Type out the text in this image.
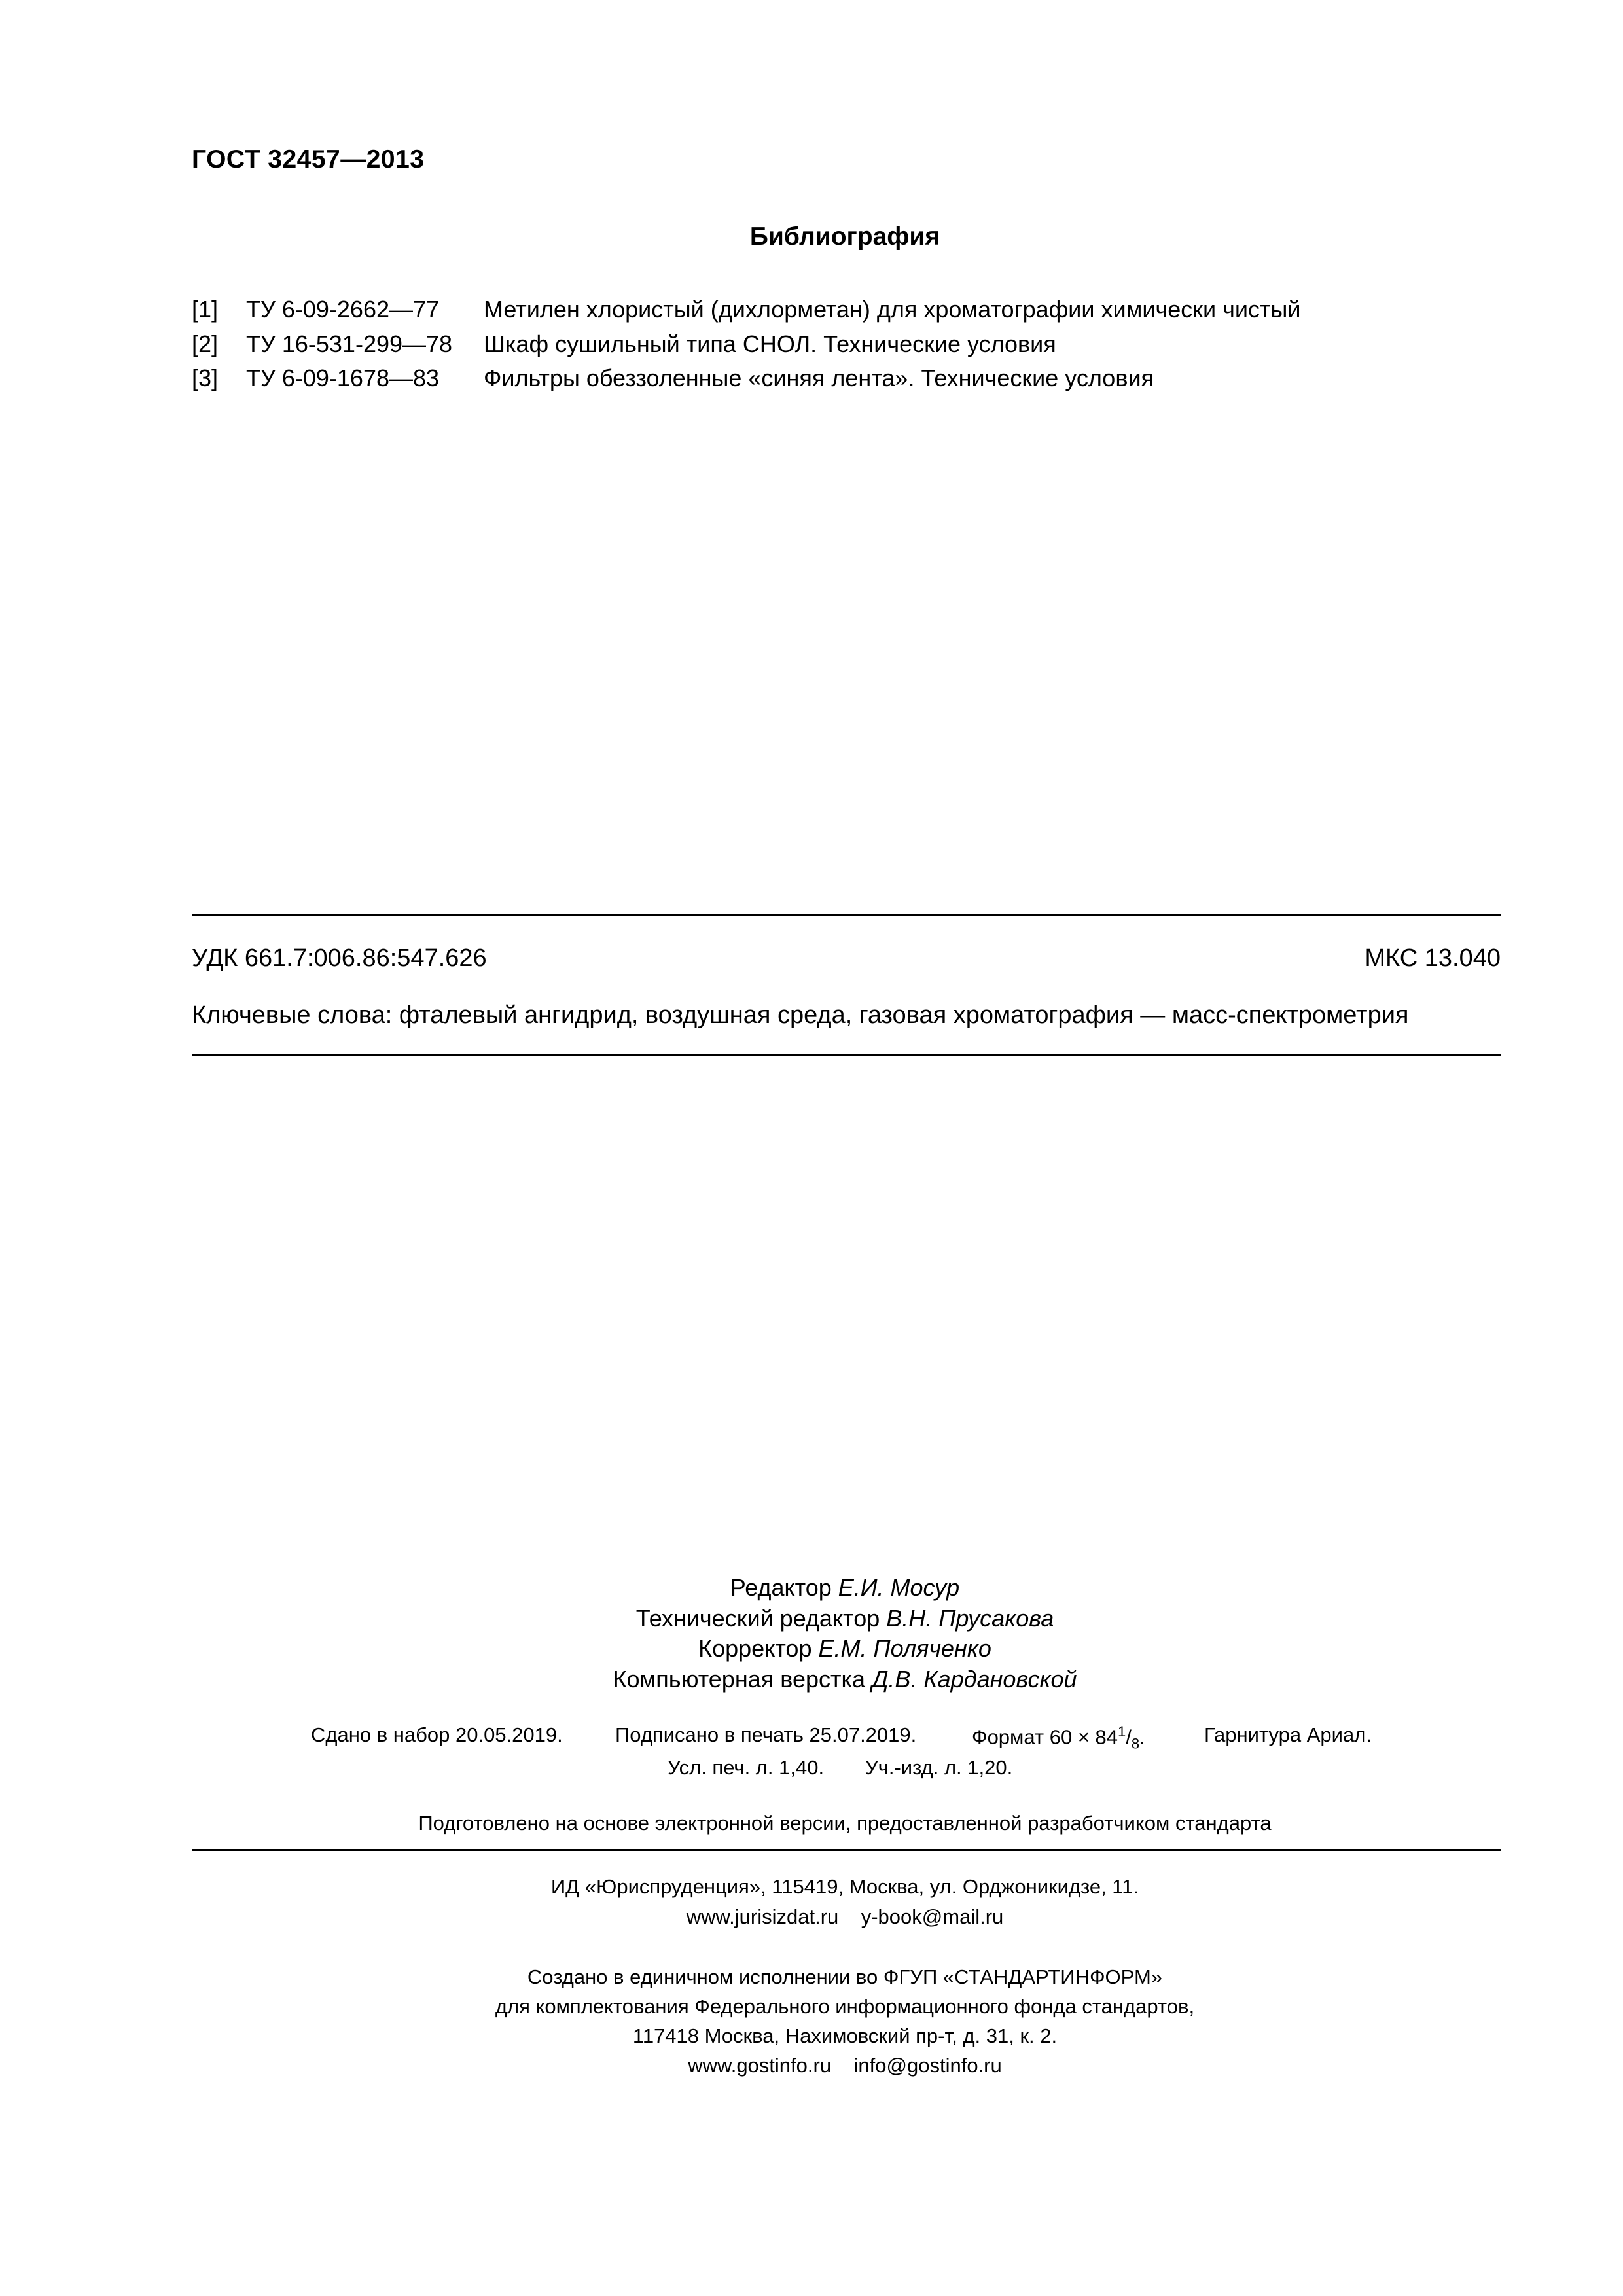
ГОСТ 32457—2013
Библиография
[1] ТУ 6-09-2662—77 Метилен хлористый (дихлорметан) для хроматографии химически чистый
[2] ТУ 16-531-299—78 Шкаф сушильный типа СНОЛ. Технические условия
[3] ТУ 6-09-1678—83 Фильтры обеззоленные «синяя лента». Технические условия
УДК 661.7:006.86:547.626	МКС 13.040
Ключевые слова: фталевый ангидрид, воздушная среда, газовая хроматография — масс-спектрометрия
Редактор Е.И. Мосур
Технический редактор В.Н. Прусакова
Корректор Е.М. Поляченко
Компьютерная верстка Д.В. Кардановской
Сдано в набор 20.05.2019.	Подписано в печать 25.07.2019.	Формат $60 \times 84^1/_8$.	Гарнитура Ариал.
Усл. печ. л. 1,40. Уч.-изд. л. 1,20.
Подготовлено на основе электронной версии, предоставленной разработчиком стандарта
ИД «Юриспруденция», 115419, Москва, ул. Орджоникидзе, 11.
www.jurisizdat.ru y-book@mail.ru
Создано в единичном исполнении во ФГУП «СТАНДАРТИНФОРМ»
для комплектования Федерального информационного фонда стандартов,
117418 Москва, Нахимовский пр-т, д. 31, к. 2.
www.gostinfo.ru info@gostinfo.ru
